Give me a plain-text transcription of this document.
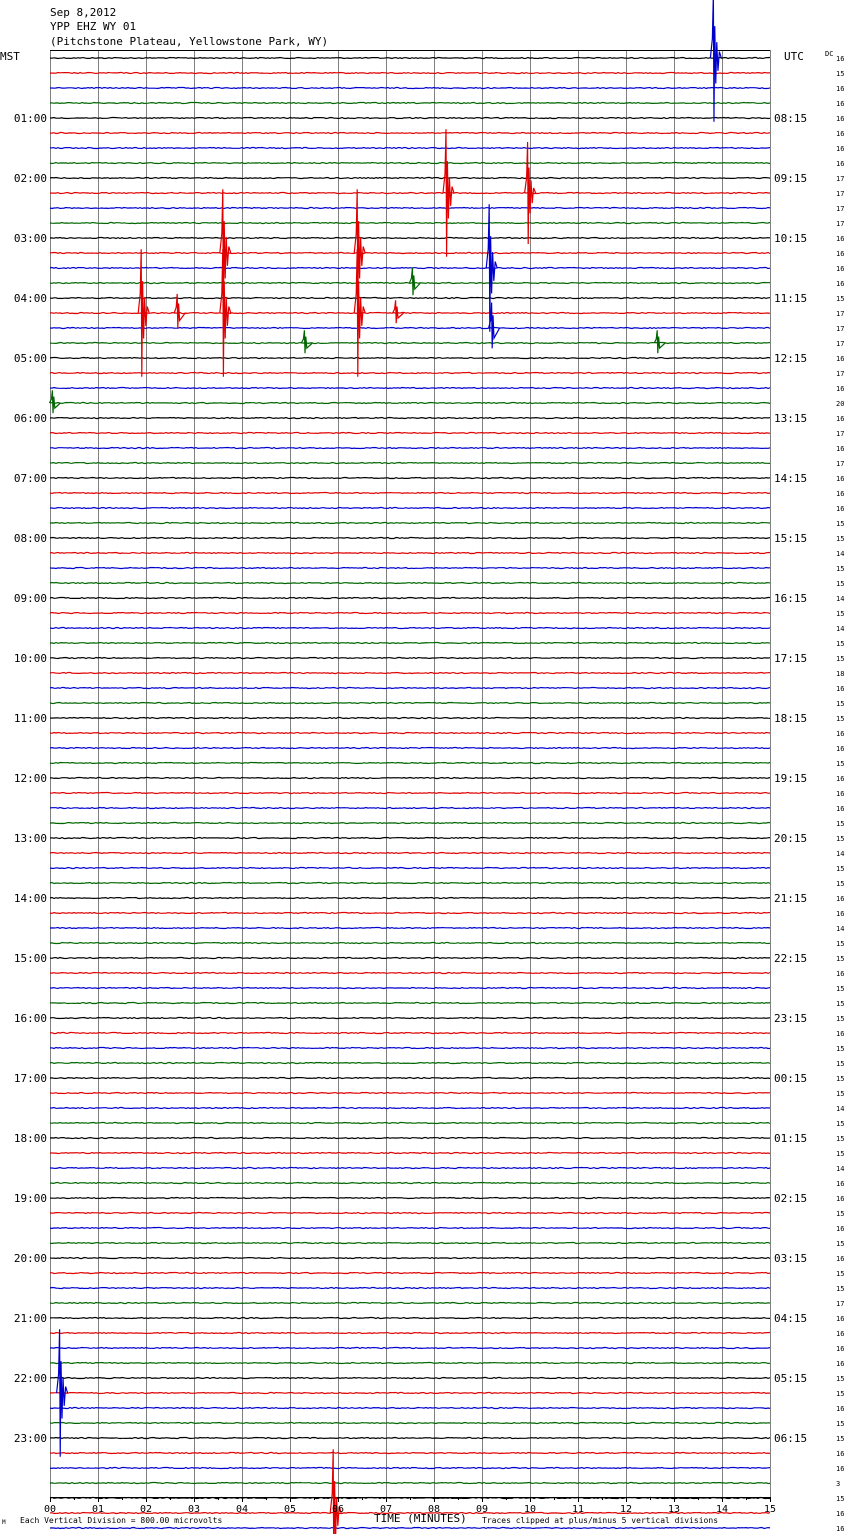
Sep 8,2012
YPP EHZ WY 01
(Pitchstone Plateau, Yellowstone Park, WY)
MST	UTC	DC
01:00
02:00
03:00
04:00
05:00
06:00
07:00
08:00
09:00
10:00
11:00
12:00
13:00
14:00
15:00
16:00
17:00
18:00
19:00
20:00
21:00
22:00
23:00
08:15
09:15
10:15
11:15
12:15
13:15
14:15
15:15
16:15
17:15
18:15
19:15
20:15
21:15
22:15
23:15
00:15
01:15
02:15
03:15
04:15
05:15
06:15
16
15
16
16
16
16
16
16
17
17
17
17
16
16
16
16
15
17
17
17
16
17
16
20
16
17
16
17
16
16
16
15
15
14
15
15
14
15
14
15
15
18
16
15
15
16
16
15
16
16
16
15
15
14
15
15
16
16
14
15
15
16
15
15
15
16
15
15
15
15
14
15
15
15
14
16
16
15
16
15
16
15
15
17
16
16
16
16
15
15
16
15
15
16
16
3
15
16
16
00	01	02	03	04	05	06	07	08	09	10	11	12	13	14	15
M Each Vertical Division = 800.00 microvolts	TIME (MINUTES) Traces clipped at plus/minus 5 vertical divisions
